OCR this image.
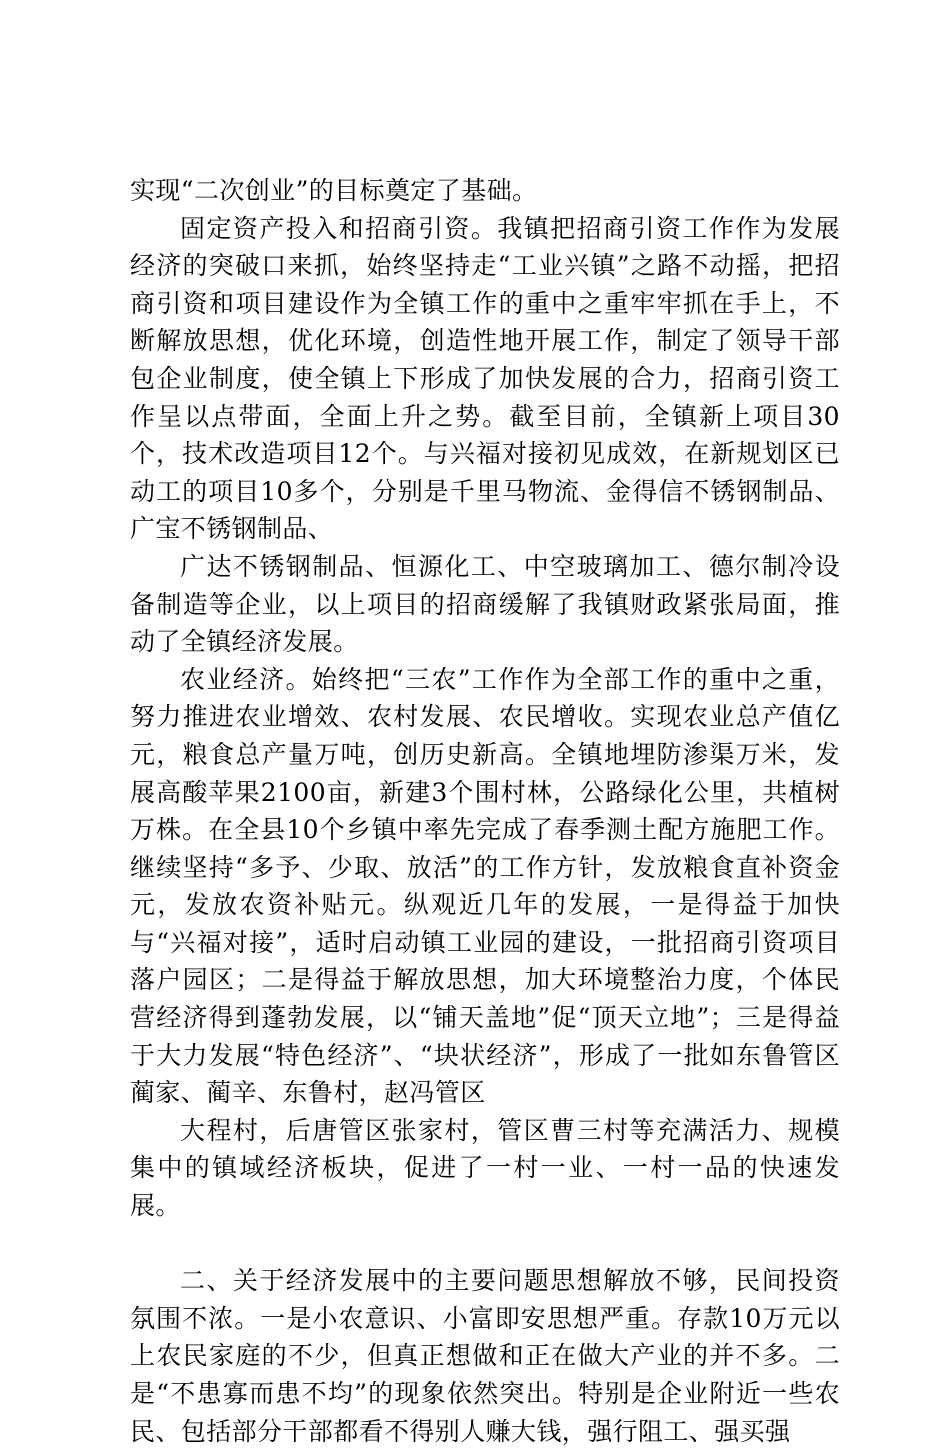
实现“二次创业”的目标奠定了基础。

固定资产投入和招商引资。我镇把招商引资工作作为发展经济的突破口来抓，始终坚持走“工业兴镇”之路不动摇，把招商引资和项目建设作为全镇工作的重中之重牢牢抓在手上，不断解放思想，优化环境，创造性地开展工作，制定了领导干部包企业制度，使全镇上下形成了加快发展的合力，招商引资工作呈以点带面，全面上升之势。截至目前，全镇新上项目30个，技术改造项目12个。与兴福对接初见成效，在新规划区已动工的项目10多个，分别是千里马物流、金得信不锈钢制品、广宝不锈钢制品、

广达不锈钢制品、恒源化工、中空玻璃加工、德尔制冷设备制造等企业，以上项目的招商缓解了我镇财政紧张局面，推动了全镇经济发展。

农业经济。始终把“三农”工作作为全部工作的重中之重，努力推进农业增效、农村发展、农民增收。实现农业总产值亿元，粮食总产量万吨，创历史新高。全镇地埋防渗渠万米，发展高酸苹果2100亩，新建3个围村林，公路绿化公里，共植树万株。在全县10个乡镇中率先完成了春季测土配方施肥工作。继续坚持“多予、少取、放活”的工作方针，发放粮食直补资金元，发放农资补贴元。纵观近几年的发展，一是得益于加快与“兴福对接”，适时启动镇工业园的建设，一批招商引资项目落户园区；二是得益于解放思想，加大环境整治力度，个体民营经济得到蓬勃发展，以“铺天盖地”促“顶天立地”；三是得益于大力发展“特色经济”、“块状经济”，形成了一批如东鲁管区蔺家、蔺辛、东鲁村，赵冯管区

大程村，后唐管区张家村，管区曹三村等充满活力、规模集中的镇域经济板块，促进了一村一业、一村一品的快速发展。

二、关于经济发展中的主要问题思想解放不够，民间投资氛围不浓。一是小农意识、小富即安思想严重。存款10万元以上农民家庭的不少，但真正想做和正在做大产业的并不多。二是“不患寡而患不均”的现象依然突出。特别是企业附近一些农民、包括部分干部都看不得别人赚大钱，强行阻工、强买强
